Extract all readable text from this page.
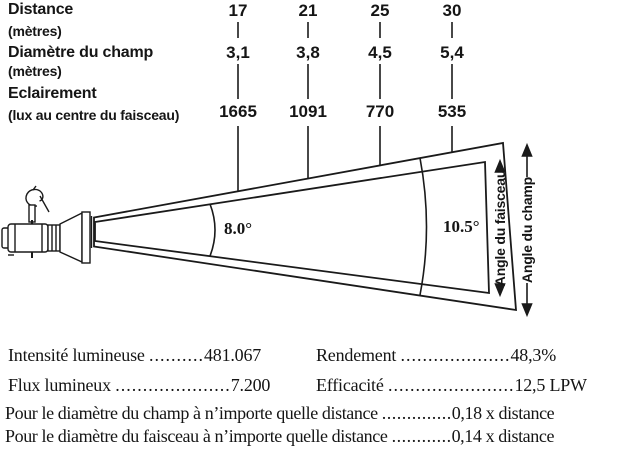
Distance
(mètres)
Diamètre du champ
(mètres)
Eclairement
(lux au centre du faisceau)
17	21	25	30
3,1	3,8	4,5	5,4
1665	1091	770	535
8.0°	10.5° Angle du faisceau Angle du champ
Intensité lumineuse ..........481.067
Flux lumineux .....................7.200
Rendement ....................48,3%
Efficacité .......................12,5 LPW
Pour le diamètre du champ à n’importe quelle distance ..............0,18 x distance
Pour le diamètre du faisceau à n’importe quelle distance ............0,14 x distance
